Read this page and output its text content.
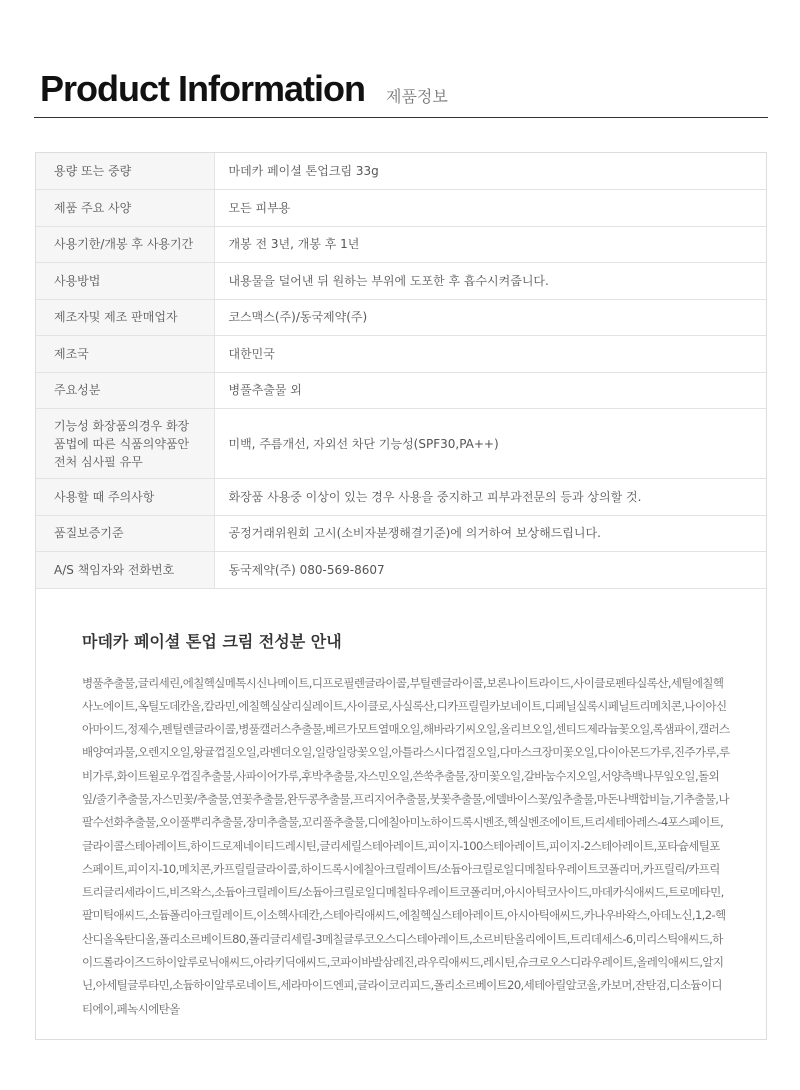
Product Information 제품정보
용량 또는 중량	마데카 페이셜 톤업크림 33g
제품 주요 사양	모든 피부용
사용기한/개봉 후 사용기간	개봉 전 3년, 개봉 후 1년
사용방법	내용물을 덜어낸 뒤 원하는 부위에 도포한 후 흡수시켜줍니다.
제조자및 제조 판매업자	코스맥스(주)/동국제약(주)
제조국	대한민국
주요성분	병풀추출물 외
기능성 화장품의경우 화장품법에 따른 식품의약품안전처 심사필 유무	미백, 주름개선, 자외선 차단 기능성(SPF30,PA++)
사용할 때 주의사항	화장품 사용중 이상이 있는 경우 사용을 중지하고 피부과전문의 등과 상의할 것.
품질보증기준	공정거래위원회 고시(소비자분쟁해결기준)에 의거하여 보상해드립니다.
A/S 책임자와 전화번호	동국제약(주) 080-569-8607
마데카 페이셜 톤업 크림 전성분 안내

병풀추출물,글리세린,에칠헥실메톡시신나메이트,디프로필렌글라이콜,부틸렌글라이콜,보론나이트라이드,사이클로펜타실록산,세틸에칠헥사노에이트,옥틸도데칸올,칼라민,에칠헥실살리실레이트,사이클로,사실록산,디카프릴릴카보네이트,디페닐실록시페닐트리메치콘,나이아신아마이드,정제수,펜틸렌글라이콜,병풀캘러스추출물,베르가모트열매오일,해바라기씨오일,올리브오일,센티드제라늄꽃오일,록샘파이,캘러스배양여과물,오렌지오일,왕귤껍질오일,라벤더오일,일랑일랑꽃오일,아틀라스시다껍질오일,다마스크장미꽃오일,다이아몬드가루,진주가루,루비가루,화이트윌로우껍질추출물,사파이어가루,후박추출물,자스민오일,쓴쑥추출물,장미꽃오일,갈바눔수지오일,서양측백나무잎오일,돌외잎/줄기추출물,자스민꽃/추출물,연꽃추출물,완두콩추출물,프리지어추출물,붓꽃추출물,에델바이스꽃/잎추출물,마돈나백합비늘,기추출물,나팔수선화추출물,오이풀뿌리추출물,장미추출물,꼬리풀추출물,디에칠아미노하이드록시벤조,헥실벤조에이트,트리세테아레스-4포스페이트,글라이콜스테아레이트,하이드로제네이티드레시틴,글리세릴스테아레이트,피이지-100스테아레이트,피이지-2스테아레이트,포타슘세틸포스페이트,피이지-10,메치콘,카프릴릴글라이콜,하이드록시에칠아크릴레이트/소듐아크릴로일디메칠타우레이트코폴리머,카프릴릭/카프릭트리글리세라이드,비즈왁스,소듐아크릴레이트/소듐아크릴로일디메칠타우레이트코폴리머,아시아틱코사이드,마데카식애씨드,트로메타민,팔미틱애씨드,소듐폴리아크릴레이트,이소헥사데칸,스테아릭애씨드,에칠헥실스테아레이트,아시아틱애씨드,카나우바왁스,아데노신,1,2-헥산디올옥탄디올,폴리소르베이트80,폴리글리세릴-3메칠글루코오스디스테아레이트,소르비탄올리에이트,트리데세스-6,미리스틱애씨드,하이드롤라이즈드하이알루로닉애씨드,아라키딕애씨드,코파이바발삼레진,라우릭애씨드,레시틴,슈크로오스디라우레이트,올레익애씨드,알지닌,아세틸글루타민,소듐하이알루로네이트,세라마이드엔피,글라이코리피드,폴리소르베이트20,세테아릴알코올,카보머,잔탄검,디소듐이디티에이,페녹시에탄올
